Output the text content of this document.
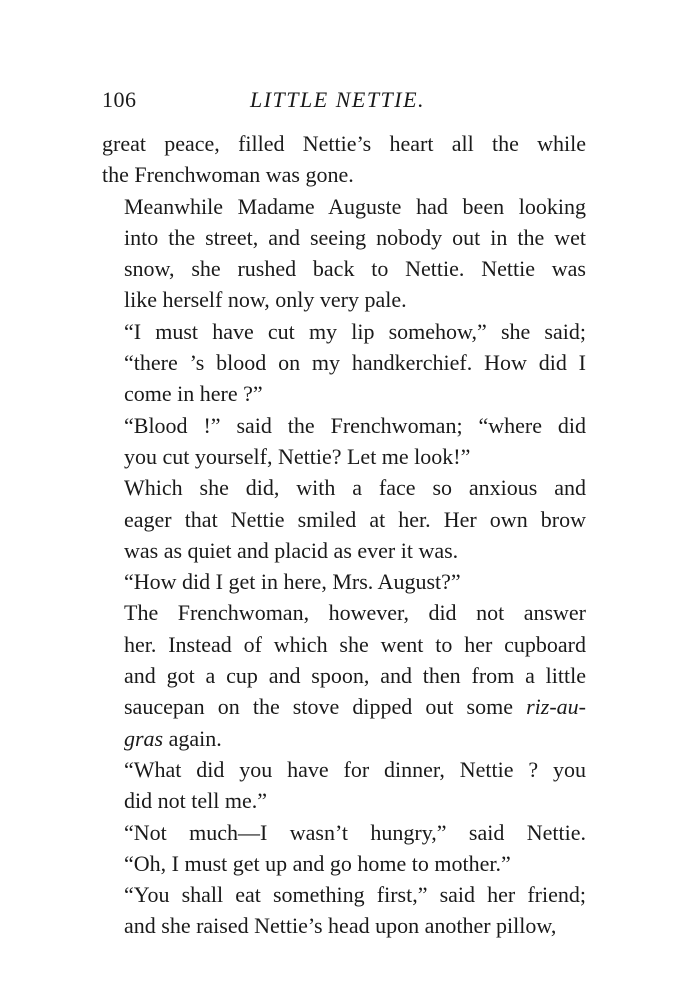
106	LITTLE NETTIE.
great peace, filled Nettie’s heart all the while
the Frenchwoman was gone.
Meanwhile Madame Auguste had been looking
into the street, and seeing nobody out in the wet
snow, she rushed back to Nettie. Nettie was
like herself now, only very pale.
“I must have cut my lip somehow,” she said;
“there ’s blood on my handkerchief. How did I
come in here ?”
“Blood !” said the Frenchwoman; “where did
you cut yourself, Nettie? Let me look!”
Which she did, with a face so anxious and
eager that Nettie smiled at her. Her own brow
was as quiet and placid as ever it was.
“How did I get in here, Mrs. August?”
The Frenchwoman, however, did not answer
her. Instead of which she went to her cupboard
and got a cup and spoon, and then from a little
saucepan on the stove dipped out some riz-au-
gras again.
“What did you have for dinner, Nettie ? you
did not tell me.”
“Not much—I wasn’t hungry,” said Nettie.
“Oh, I must get up and go home to mother.”
“You shall eat something first,” said her friend;
and she raised Nettie’s head upon another pillow,
